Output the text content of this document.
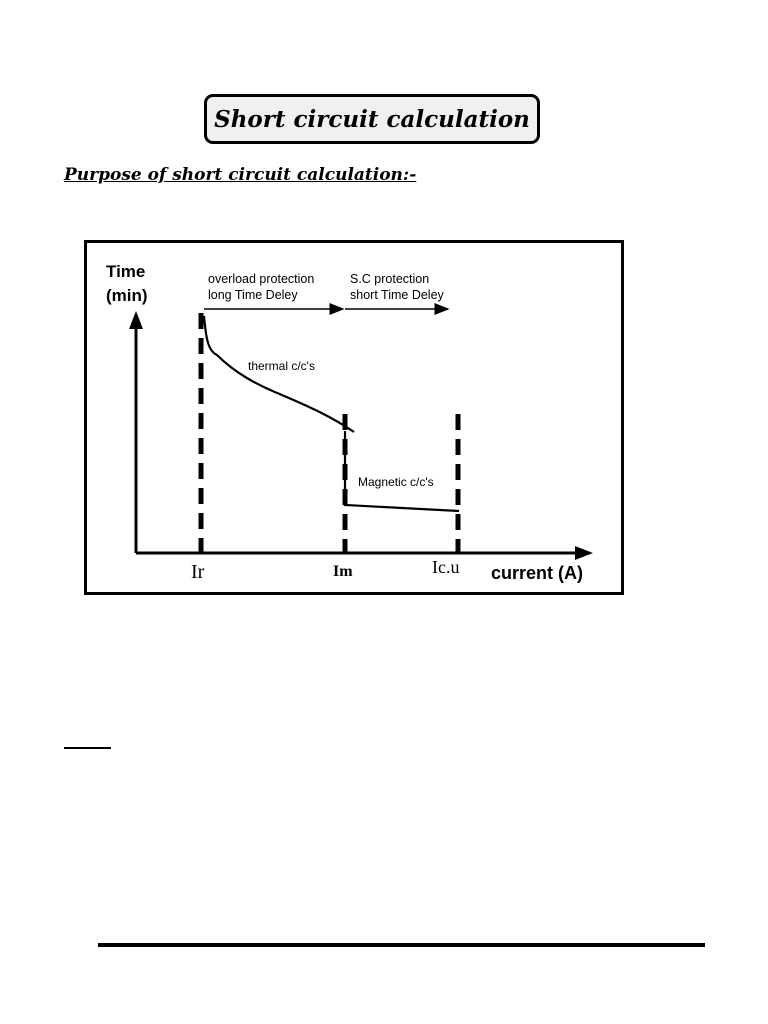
Short circuit calculation
Purpose of short circuit calculation:-
Time
(min)
overload protection
long Time Deley
S.C protection
short Time Deley
thermal c/c's
Magnetic c/c's
Ir	Im	Ic.u current (A)
